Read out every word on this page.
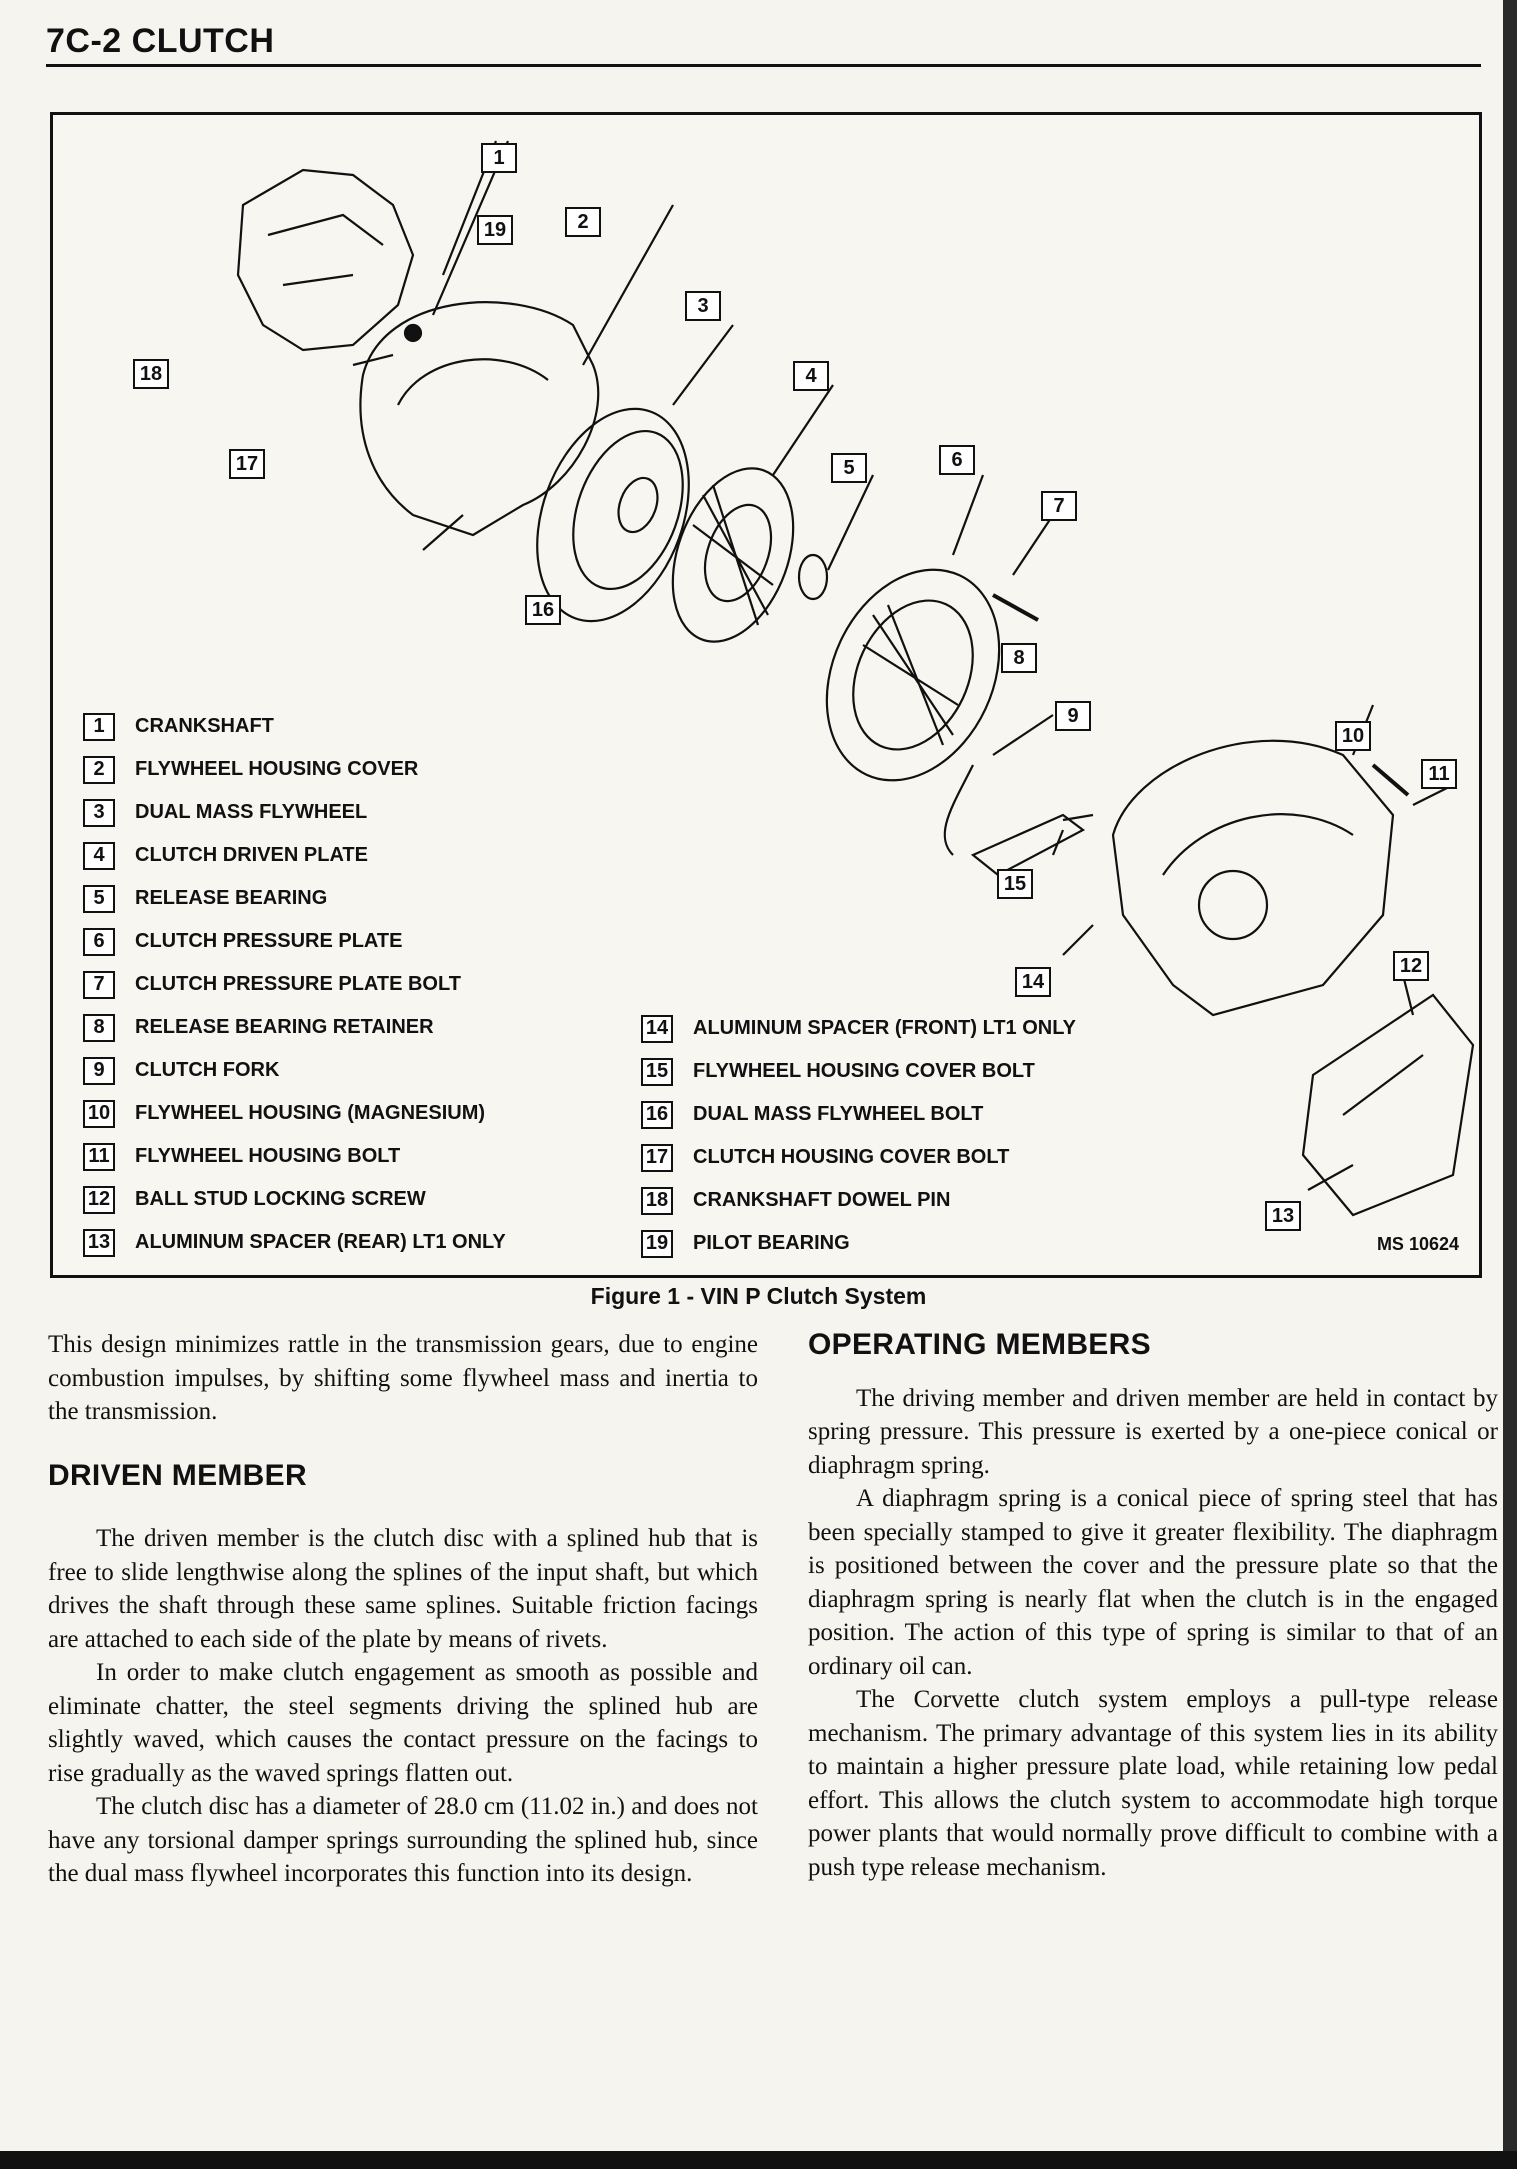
7C-2 CLUTCH
1
19	2
3
4
18
17	5	6
7
16
8
9
10
11
15
14
12
13
1	CRANKSHAFT
2	FLYWHEEL HOUSING COVER
3	DUAL MASS FLYWHEEL
4	CLUTCH DRIVEN PLATE
5	RELEASE BEARING
6	CLUTCH PRESSURE PLATE
7	CLUTCH PRESSURE PLATE BOLT
8	RELEASE BEARING RETAINER
9	CLUTCH FORK
10 FLYWHEEL HOUSING (MAGNESIUM)
11 FLYWHEEL HOUSING BOLT
12 BALL STUD LOCKING SCREW
13 ALUMINUM SPACER (REAR) LT1 ONLY
14 ALUMINUM SPACER (FRONT) LT1 ONLY
15 FLYWHEEL HOUSING COVER BOLT
16 DUAL MASS FLYWHEEL BOLT
17 CLUTCH HOUSING COVER BOLT
18 CRANKSHAFT DOWEL PIN
19 PILOT BEARING	MS 10624
Figure 1 - VIN P Clutch System

This design minimizes rattle in the transmission gears, due to engine combustion impulses, by shifting some flywheel mass and inertia to the transmission.

DRIVEN MEMBER

The driven member is the clutch disc with a splined hub that is free to slide lengthwise along the splines of the input shaft, but which drives the shaft through these same splines. Suitable friction facings are attached to each side of the plate by means of rivets.

In order to make clutch engagement as smooth as possible and eliminate chatter, the steel segments driving the splined hub are slightly waved, which causes the contact pressure on the facings to rise gradually as the waved springs flatten out.

The clutch disc has a diameter of 28.0 cm (11.02 in.) and does not have any torsional damper springs surrounding the splined hub, since the dual mass flywheel incorporates this function into its design.

OPERATING MEMBERS

The driving member and driven member are held in contact by spring pressure. This pressure is exerted by a one-piece conical or diaphragm spring.

A diaphragm spring is a conical piece of spring steel that has been specially stamped to give it greater flexibility. The diaphragm is positioned between the cover and the pressure plate so that the diaphragm spring is nearly flat when the clutch is in the engaged position. The action of this type of spring is similar to that of an ordinary oil can.

The Corvette clutch system employs a pull-type release mechanism. The primary advantage of this system lies in its ability to maintain a higher pressure plate load, while retaining low pedal effort. This allows the clutch system to accommodate high torque power plants that would normally prove difficult to combine with a push type release mechanism.
